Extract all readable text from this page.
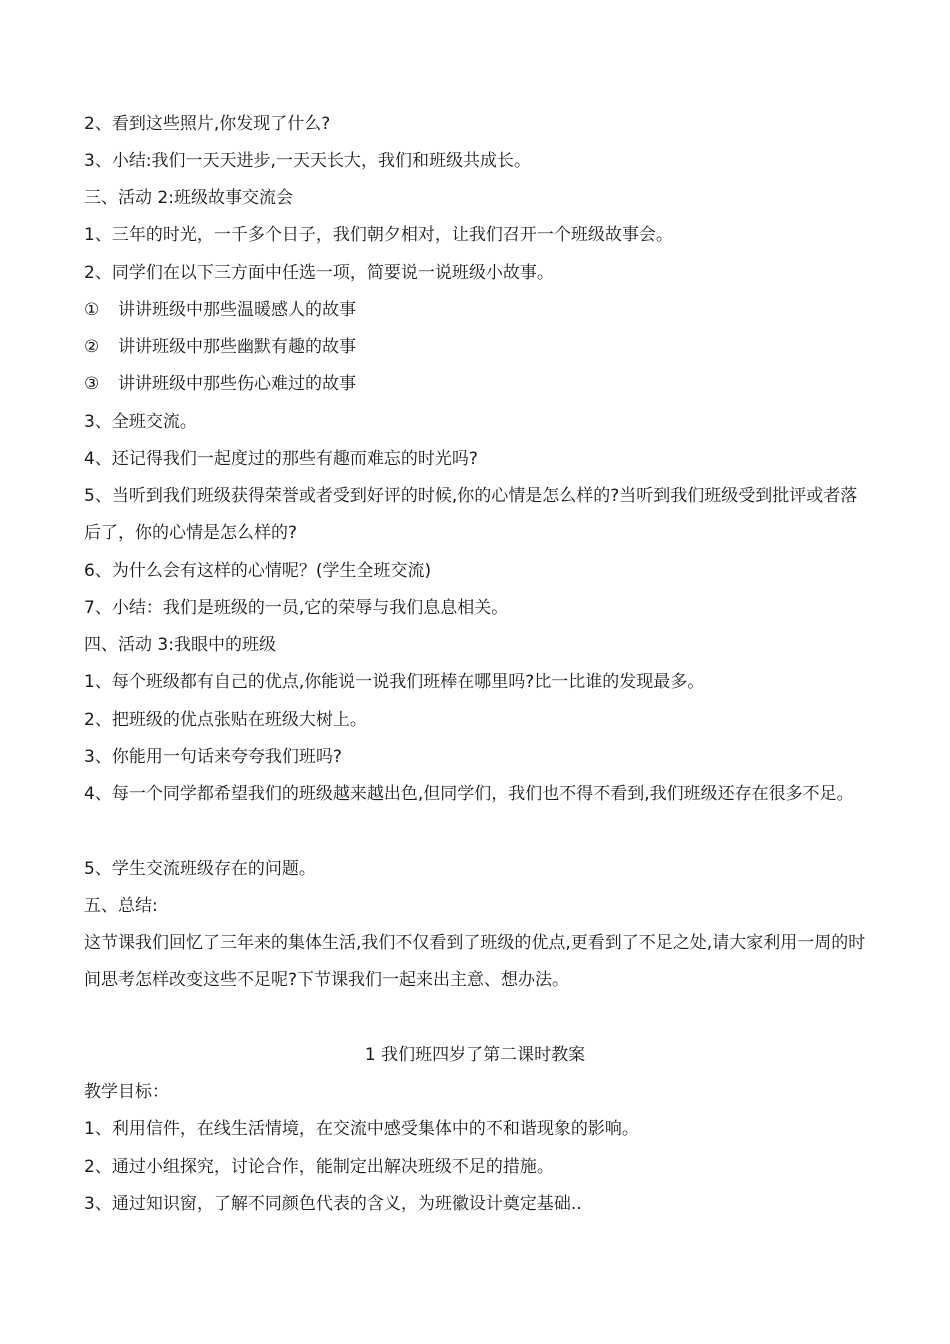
2、看到这些照片,你发现了什么?
3、小结:我们一天天进步,一天天长大，我们和班级共成长。
三、活动 2:班级故事交流会
1、三年的时光，一千多个日子，我们朝夕相对，让我们召开一个班级故事会。
2、同学们在以下三方面中任选一项，简要说一说班级小故事。
① 讲讲班级中那些温暖感人的故事
② 讲讲班级中那些幽默有趣的故事
③ 讲讲班级中那些伤心难过的故事
3、全班交流。
4、还记得我们一起度过的那些有趣而难忘的时光吗?
5、当听到我们班级获得荣誉或者受到好评的时候,你的心情是怎么样的?当听到我们班级受到批评或者落后了，你的心情是怎么样的?
6、为什么会有这样的心情呢？(学生全班交流)
7、小结：我们是班级的一员,它的荣辱与我们息息相关。
四、活动 3:我眼中的班级
1、每个班级都有自己的优点,你能说一说我们班棒在哪里吗?比一比谁的发现最多。
2、把班级的优点张贴在班级大树上。
3、你能用一句话来夸夸我们班吗?
4、每一个同学都希望我们的班级越来越出色,但同学们，我们也不得不看到,我们班级还存在很多不足。
5、学生交流班级存在的问题。
五、总结:
这节课我们回忆了三年来的集体生活,我们不仅看到了班级的优点,更看到了不足之处,请大家利用一周的时间思考怎样改变这些不足呢?下节课我们一起来出主意、想办法。
1 我们班四岁了第二课时教案
教学目标：
1、利用信件，在线生活情境，在交流中感受集体中的不和谐现象的影响。
2、通过小组探究，讨论合作，能制定出解决班级不足的措施。
3、通过知识窗，了解不同颜色代表的含义，为班徽设计奠定基础..
